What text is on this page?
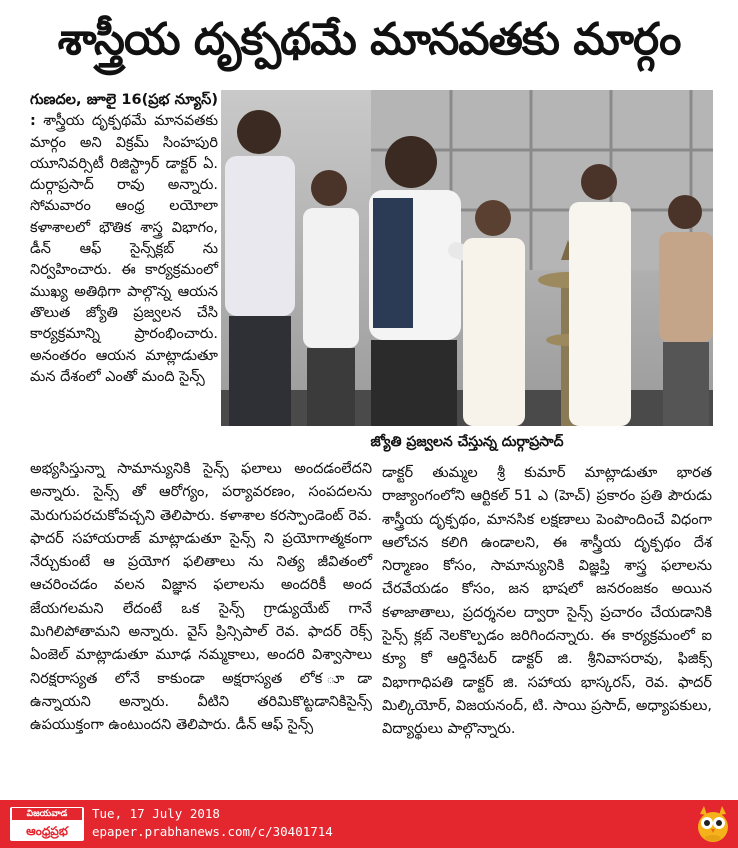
శాస్త్రీయ దృక్పథమే మానవతకు మార్గం
గుణదల, జూలై 16(ప్రభ న్యూస్) : శాస్త్రీయ దృక్పథమే మానవతకు మార్గం అని విక్రమ్ సింహపురి యూనివర్సిటీ రిజిస్ట్రార్ డాక్టర్ ఏ. దుర్గాప్రసాద్ రావు అన్నారు. సోమవారం ఆంధ్ర లయోలా కళాశాలలో భౌతిక శాస్త్ర విభాగం, డీన్ ఆఫ్ సైన్స్‌క్లబ్ ను నిర్వహించారు. ఈ కార్యక్రమంలో ముఖ్య అతిథిగా పాల్గొన్న ఆయన తొలుత జ్యోతి ప్రజ్వలన చేసి కార్యక్రమాన్ని ప్రారంభించారు. అనంతరం ఆయన మాట్లాడుతూ మన దేశంలో ఎంతో మంది సైన్స్
జ్యోతి ప్రజ్వలన చేస్తున్న దుర్గాప్రసాద్
అభ్యసిస్తున్నా సామాన్యునికి సైన్స్ ఫలాలు అందడంలేదని అన్నారు. సైన్స్ తో ఆరోగ్యం, పర్యావరణం, సంపదలను మెరుగుపరచుకోవచ్చని తెలిపారు. కళాశాల కరస్పాండెంట్ రెవ. ఫాదర్ సహాయరాజ్ మాట్లాడుతూ సైన్స్ ని ప్రయోగాత్మకంగా నేర్చుకుంటే ఆ ప్రయోగ ఫలితాలు ను నిత్య జీవితంలో ఆచరించడం వలన విజ్ఞాన ఫలాలను అందరికీ అంద జేయగలమని లేదంటే ఒక సైన్స్ గ్రాడ్యుయేట్ గానే మిగిలిపోతామని అన్నారు. వైస్ ప్రిన్సిపాల్ రెవ. ఫాదర్ రెక్స్ ఏంజెల్ మాట్లాడుతూ మూఢ నమ్మకాలు, అందరి విశ్వాసాలు నిరక్షరాస్యత లోనే కాకుండా అక్షరాస్యత లోక ూడా ఉన్నాయని అన్నారు. వీటిని తరిమికొట్టడానికిసైన్స్ ఉపయుక్తంగా ఉంటుందని తెలిపారు. డీన్ ఆఫ్ సైన్స్
డాక్టర్ తుమ్మల శ్రీ కుమార్ మాట్లాడుతూ భారత రాజ్యాంగంలోని ఆర్టికల్ 51 ఎ (హెచ్) ప్రకారం ప్రతి పౌరుడు శాస్త్రీయ దృక్పథం, మానసిక లక్షణాలు పెంపొందించే విధంగా ఆలోచన కలిగి ఉండాలని, ఈ శాస్త్రీయ దృక్పథం దేశ నిర్మాణం కోసం, సామాన్యునికి విజ్ఞప్తి శాస్త్ర ఫలాలను చేరవేయడం కోసం, జన భాషలో జనరంజకం అయిన కళాజాతాలు, ప్రదర్శనల ద్వారా సైన్స్ ప్రచారం చేయడానికి సైన్స్ క్లబ్ నెలకొల్పడం జరిగిందన్నారు. ఈ కార్యక్రమంలో ఐ క్యూ కో ఆర్డినేటర్ డాక్టర్ జి. శ్రీనివాసరావు, ఫిజిక్స్ విభాగాధిపతి డాక్టర్ జి. సహాయ భాస్కరస్, రెవ. ఫాదర్ మిల్కియోర్, విజయనంద్, టి. సాయి ప్రసాద్, అధ్యాపకులు, విద్యార్థులు పాల్గొన్నారు.
విజయవాడ
ఆంధ్రప్రభ
Tue, 17 July 2018
epaper.prabhanews.com/c/30401714
